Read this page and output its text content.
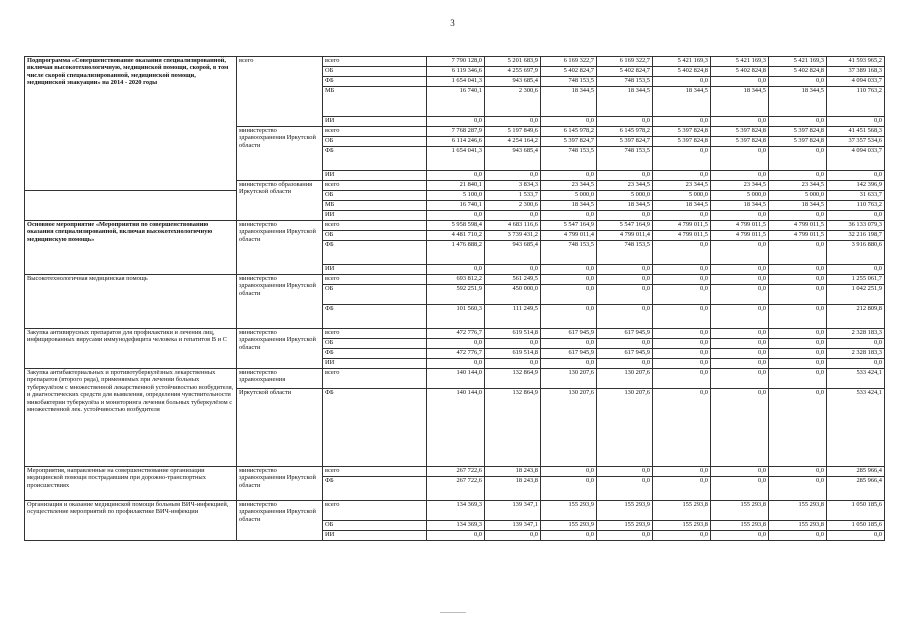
3
Подпрограмма «Совершенствование оказания специализированной, включая высокотехнологичную, медицинской помощи, скорой, в том числе скорой специализированной, медицинской помощи, медицинской эвакуации» на 2014 - 2020 годы	всего	всего	7 790 128,0	5 201 683,9	6 169 322,7	6 169 322,7	5 421 169,3	5 421 169,3	5 421 169,3	41 593 965,2
		ОБ	6 119 346,6	4 255 697,9	5 402 824,7	5 402 824,7	5 402 824,8	5 402 824,8	5 402 824,8	37 389 168,3
		ФБ	1 654 041,3	943 685,4	748 153,5	748 153,5	0,0	0,0	0,0	4 094 033,7
		МБ	16 740,1	2 300,6	18 344,5	18 344,5	18 344,5	18 344,5	18 344,5	110 763,2
		ИИ	0,0	0,0	0,0	0,0	0,0	0,0	0,0	0,0
	министерство здравоохранения Иркутской области	всего	7 768 287,9	5 197 849,6	6 145 978,2	6 145 978,2	5 397 824,8	5 397 824,8	5 397 824,8	41 451 568,3
		ОБ	6 114 246,6	4 254 164,2	5 397 824,7	5 397 824,7	5 397 824,8	5 397 824,8	5 397 824,8	37 357 534,6
		ФБ	1 654 041,3	943 685,4	748 153,5	748 153,5	0,0	0,0	0,0	4 094 033,7
		ИИ	0,0	0,0	0,0	0,0	0,0	0,0	0,0	0,0
	министерство образования Иркутской области	всего	21 840,1	3 834,3	23 344,5	23 344,5	23 344,5	23 344,5	23 344,5	142 396,9
		ОБ	5 100,0	1 533,7	5 000,0	5 000,0	5 000,0	5 000,0	5 000,0	31 633,7
		МБ	16 740,1	2 300,6	18 344,5	18 344,5	18 344,5	18 344,5	18 344,5	110 763,2
		ИИ	0,0	0,0	0,0	0,0	0,0	0,0	0,0	0,0
Основное мероприятие «Мероприятия по совершенствованию оказания специализированной, включая высокотехнологичную медицинскую помощь»	министерство здравоохранения Иркутской области	всего	5 958 598,4	4 683 116,6	5 547 164,9	5 547 164,9	4 799 011,5	4 799 011,5	4 799 011,5	36 133 079,3
		ОБ	4 481 710,2	3 739 431,2	4 799 011,4	4 799 011,4	4 799 011,5	4 799 011,5	4 799 011,5	32 216 198,7
		ФБ	1 476 888,2	943 685,4	748 153,5	748 153,5	0,0	0,0	0,0	3 916 880,6
		ИИ	0,0	0,0	0,0	0,0	0,0	0,0	0,0	0,0
Высокотехнологичная медицинская помощь	министерство здравоохранения Иркутской области	всего	693 812,2	561 249,5	0,0	0,0	0,0	0,0	0,0	1 255 061,7
		ОБ	592 251,9	450 000,0	0,0	0,0	0,0	0,0	0,0	1 042 251,9
		ФБ	101 560,3	111 249,5	0,0	0,0	0,0	0,0	0,0	212 809,8
Закупка антивирусных препаратов для профилактики и лечения лиц, инфицированных вирусами иммунодефицита человека и гепатитов В и С	министерство здравоохранения Иркутской области	всего	472 776,7	619 514,8	617 945,9	617 945,9	0,0	0,0	0,0	2 328 183,3
		ОБ	0,0	0,0	0,0	0,0	0,0	0,0	0,0	0,0
		ФБ	472 776,7	619 514,8	617 945,9	617 945,9	0,0	0,0	0,0	2 328 183,3
		ИИ	0,0	0,0	0,0	0,0	0,0	0,0	0,0	0,0
Закупка антибактериальных и противотуберкулёзных лекарственных препаратов (второго ряда), применяемых при лечении больных туберкулёзом с множественной лекарственной устойчивостью возбудителя, и диагностических средств для выявления, определения чувствительности микобактерии туберкулёза и мониторинга лечения больных туберкулёзом с множественной лек. устойчивостью возбудителя	министерство здравоохранения	всего	140 144,0	132 864,9	130 207,6	130 207,6	0,0	0,0	0,0	533 424,1
	Иркутской области	ФБ	140 144,0	132 864,9	130 207,6	130 207,6	0,0	0,0	0,0	533 424,1
Мероприятия, направленные на совершенствование организации медицинской помощи пострадавшим при дорожно-транспортных происшествиях	министерство здравоохранения Иркутской области	всего	267 722,6	18 243,8	0,0	0,0	0,0	0,0	0,0	285 966,4
		ФБ	267 722,6	18 243,8	0,0	0,0	0,0	0,0	0,0	285 966,4
Организация и оказание медицинской помощи больным ВИЧ-инфекцией, осуществление мероприятий по профилактике ВИЧ-инфекции	министерство здравоохранения Иркутской области	всего	134 369,3	139 347,1	155 293,9	155 293,9	155 293,8	155 293,8	155 293,8	1 050 185,6
		ОБ	134 369,3	139 347,1	155 293,9	155 293,9	155 293,8	155 293,8	155 293,8	1 050 185,6
		ИИ	0,0	0,0	0,0	0,0	0,0	0,0	0,0	0,0
